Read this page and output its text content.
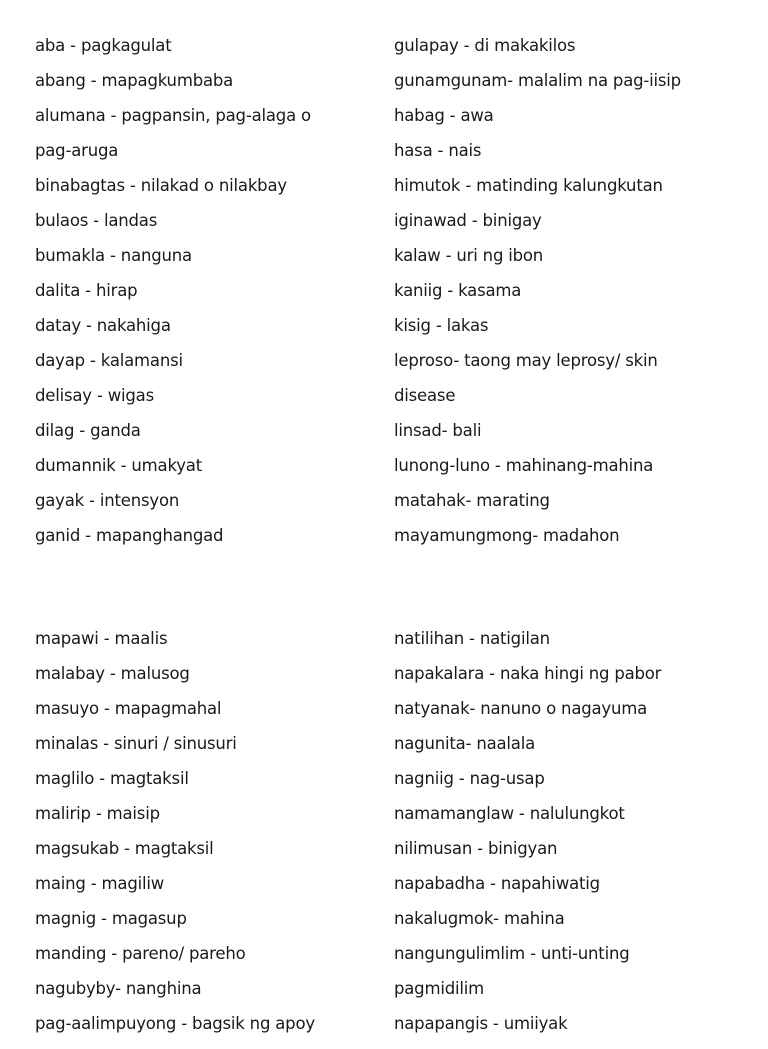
aba - pagkagulat
abang - mapagkumbaba
alumana - pagpansin, pag-alaga o
pag-aruga
binabagtas - nilakad o nilakbay
bulaos - landas
bumakla - nanguna
dalita - hirap
datay - nakahiga
dayap - kalamansi
delisay - wigas
dilag - ganda
dumannik - umakyat
gayak - intensyon
ganid - mapanghangad
gulapay - di makakilos
gunamgunam- malalim na pag-iisip
habag - awa
hasa - nais
himutok - matinding kalungkutan
iginawad - binigay
kalaw - uri ng ibon
kaniig - kasama
kisig - lakas
leproso- taong may leprosy/ skin
disease
linsad- bali
lunong-luno - mahinang-mahina
matahak- marating
mayamungmong- madahon
mapawi - maalis
malabay - malusog
masuyo - mapagmahal
minalas - sinuri / sinusuri
maglilo - magtaksil
malirip - maisip
magsukab - magtaksil
maing - magiliw
magnig - magasup
manding - pareno/ pareho
nagubyby- nanghina
pag-aalimpuyong - bagsik ng apoy
natilihan - natigilan
napakalara - naka hingi ng pabor
natyanak- nanuno o nagayuma
nagunita- naalala
nagniig - nag-usap
namamanglaw - nalulungkot
nilimusan - binigyan
napabadha - napahiwatig
nakalugmok- mahina
nangungulimlim - unti-unting
pagmidilim
napapangis - umiiyak
